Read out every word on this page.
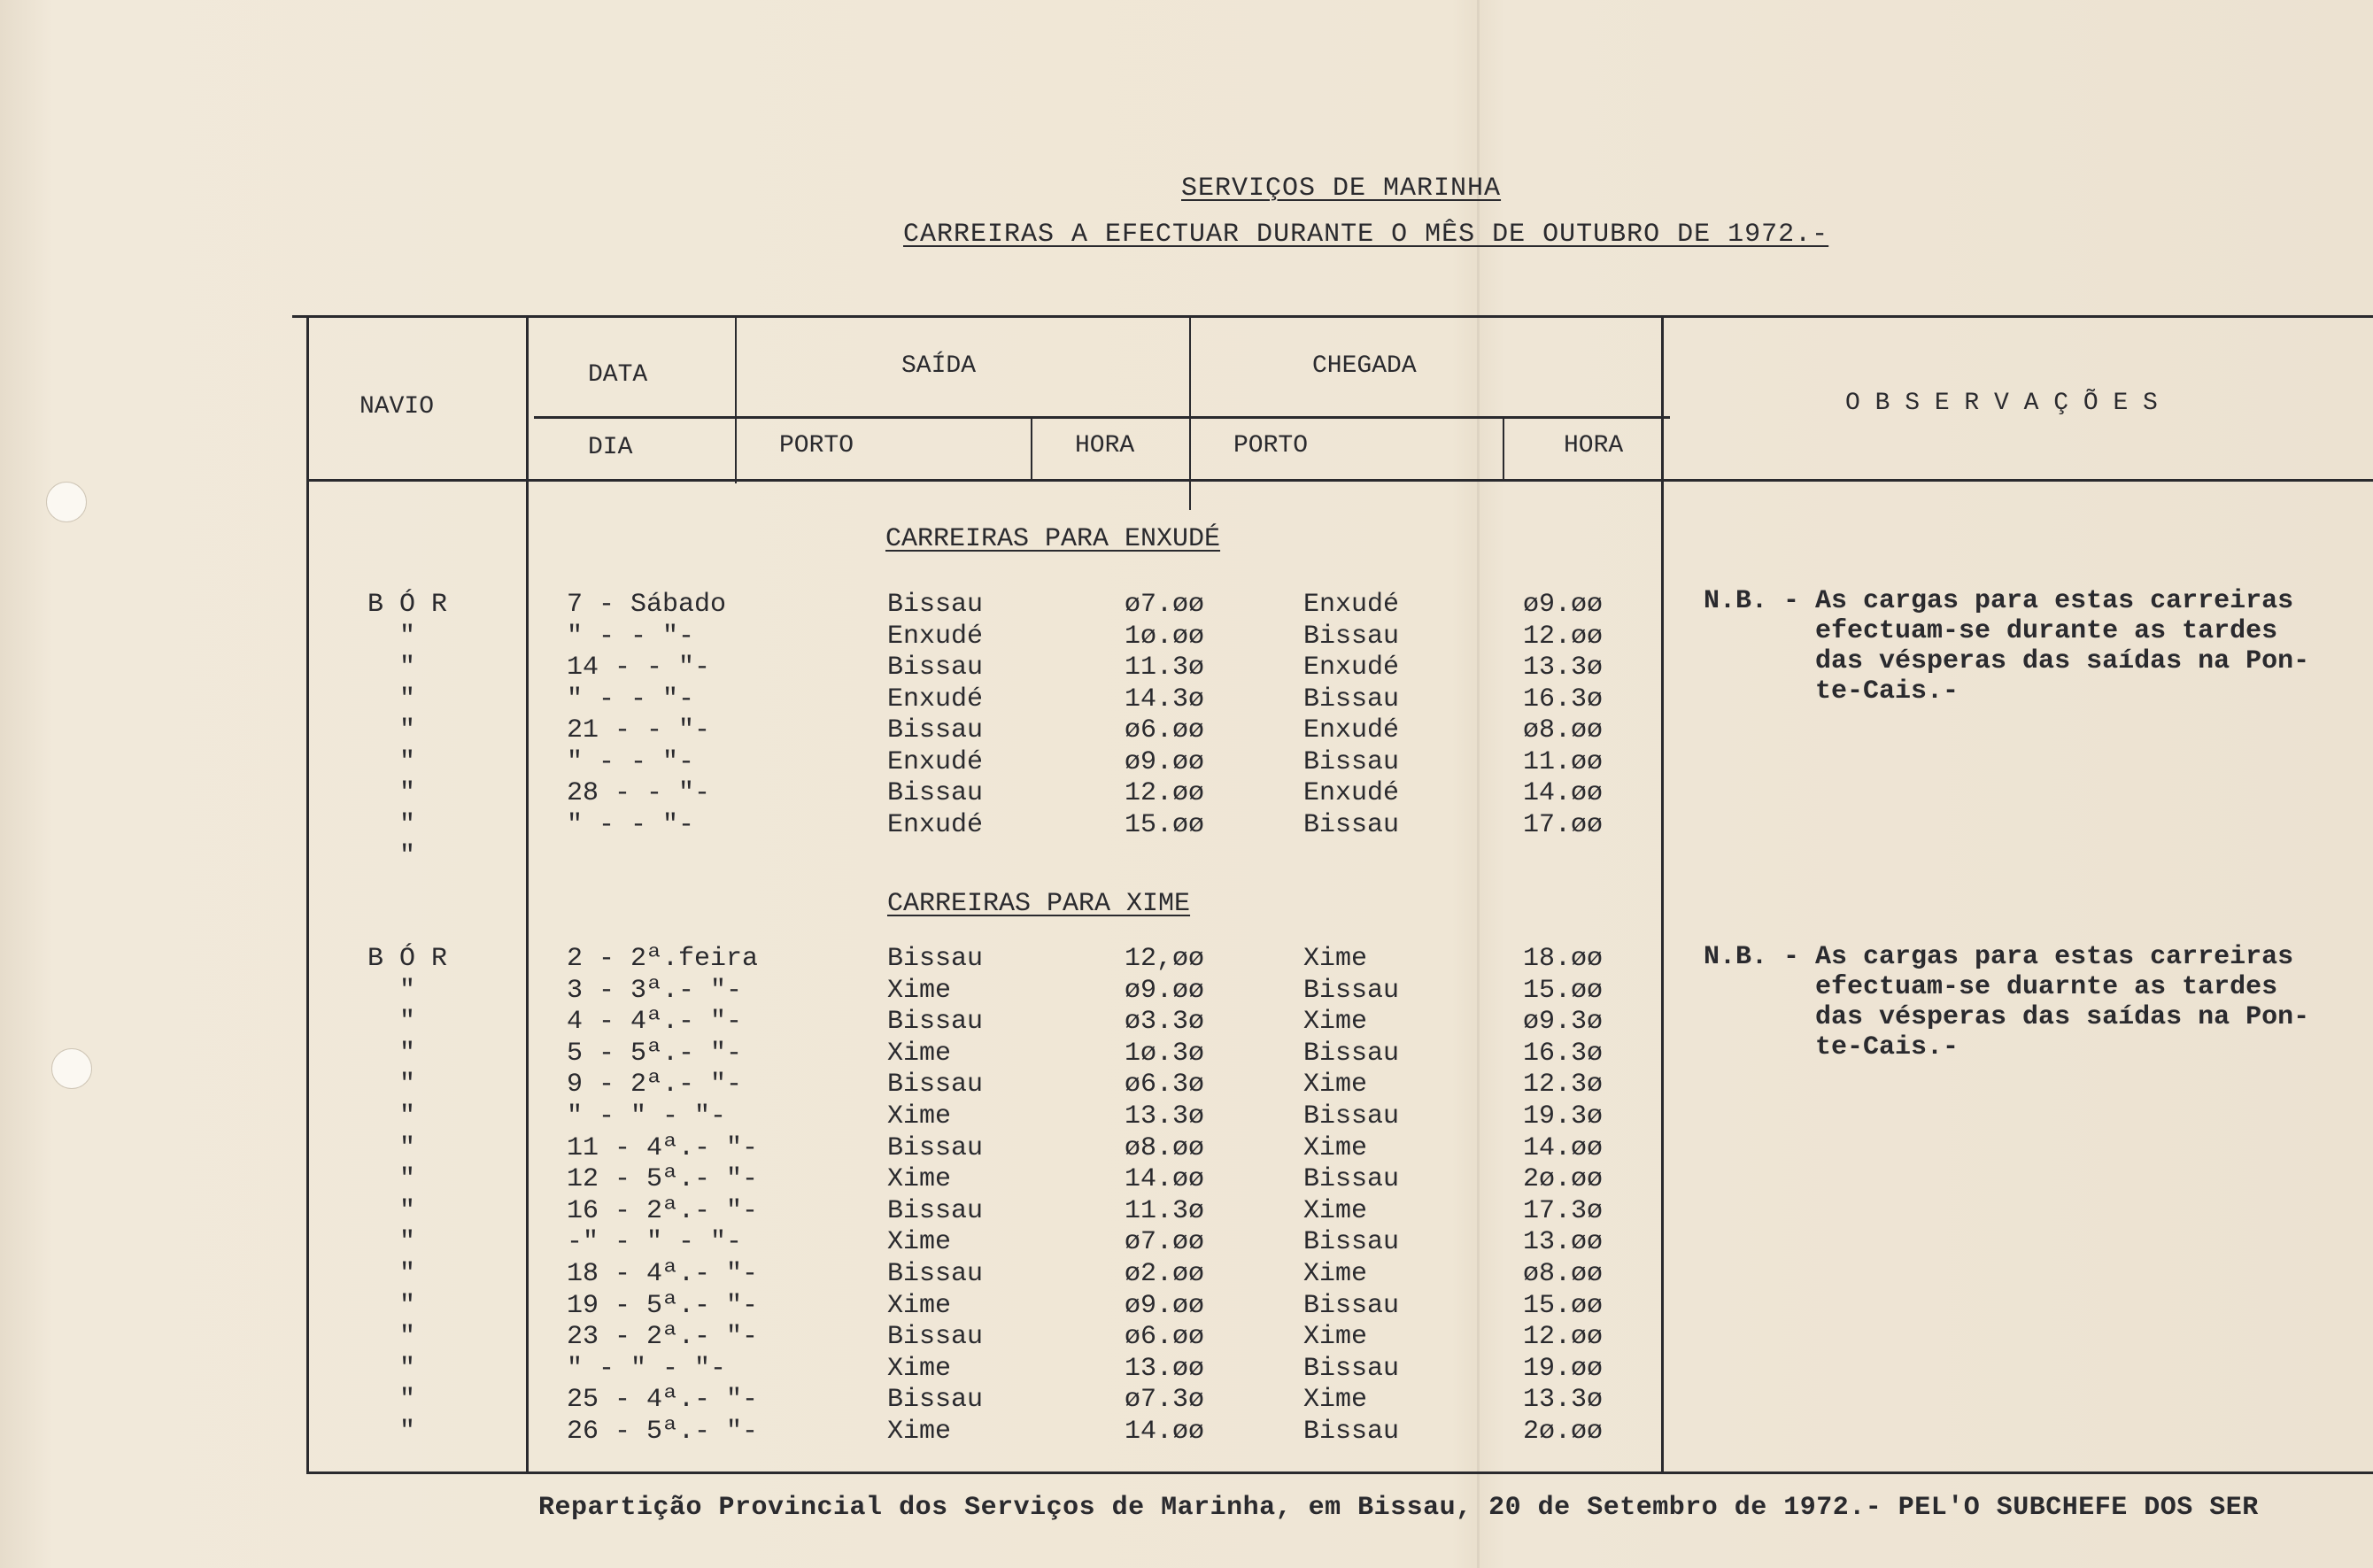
SERVIÇOS DE MARINHA
CARREIRAS A EFECTUAR DURANTE O MÊS DE OUTUBRO DE 1972.-
NAVIO
DATA
DIA
SAÍDA	CHEGADA
PORTO	HORA	PORTO	HORA
O B S E R V A Ç Õ E S
CARREIRAS PARA ENXUDÉ
N.B. - As cargas para estas carreiras
efectuam-se durante as tardes
das vésperas das saídas na Pon-
te-Cais.-
B Ó R	7 - Sábado	Bissau	ø7.øø	Enxudé	ø9.øø
"	" - - "-	Enxudé	1ø.øø	Bissau	12.øø
"	14 - - "-	Bissau	11.3ø	Enxudé	13.3ø
"	" - - "-	Enxudé	14.3ø	Bissau	16.3ø
"	21 - - "-	Bissau	ø6.øø	Enxudé	ø8.øø
"	" - - "-	Enxudé	ø9.øø	Bissau	11.øø
"	28 - - "-	Bissau	12.øø	Enxudé	14.øø
"	" - - "-	Enxudé	15.øø	Bissau	17.øø
"
CARREIRAS PARA XIME
N.B. - As cargas para estas carreiras
efectuam-se duarnte as tardes
das vésperas das saídas na Pon-
te-Cais.-
B Ó R	2 - 2ª.feira	Bissau	12,øø	Xime	18.øø
"	3 - 3ª.- "-	Xime	ø9.øø	Bissau	15.øø
"	4 - 4ª.- "-	Bissau	ø3.3ø	Xime	ø9.3ø
"	5 - 5ª.- "-	Xime	1ø.3ø	Bissau	16.3ø
"	9 - 2ª.- "-	Bissau	ø6.3ø	Xime	12.3ø
"	" - " - "-	Xime	13.3ø	Bissau	19.3ø
"	11 - 4ª.- "-	Bissau	ø8.øø	Xime	14.øø
"	12 - 5ª.- "-	Xime	14.øø	Bissau	2ø.øø
"	16 - 2ª.- "-	Bissau	11.3ø	Xime	17.3ø
"	-" - " - "-	Xime	ø7.øø	Bissau	13.øø
"	18 - 4ª.- "-	Bissau	ø2.øø	Xime	ø8.øø
"	19 - 5ª.- "-	Xime	ø9.øø	Bissau	15.øø
"	23 - 2ª.- "-	Bissau	ø6.øø	Xime	12.øø
"	" - " - "-	Xime	13.øø	Bissau	19.øø
"	25 - 4ª.- "-	Bissau	ø7.3ø	Xime	13.3ø
"	26 - 5ª.- "-	Xime	14.øø	Bissau	2ø.øø
Repartição Provincial dos Serviços de Marinha, em Bissau, 20 de Setembro de 1972.- PEL'O SUBCHEFE DOS SER
